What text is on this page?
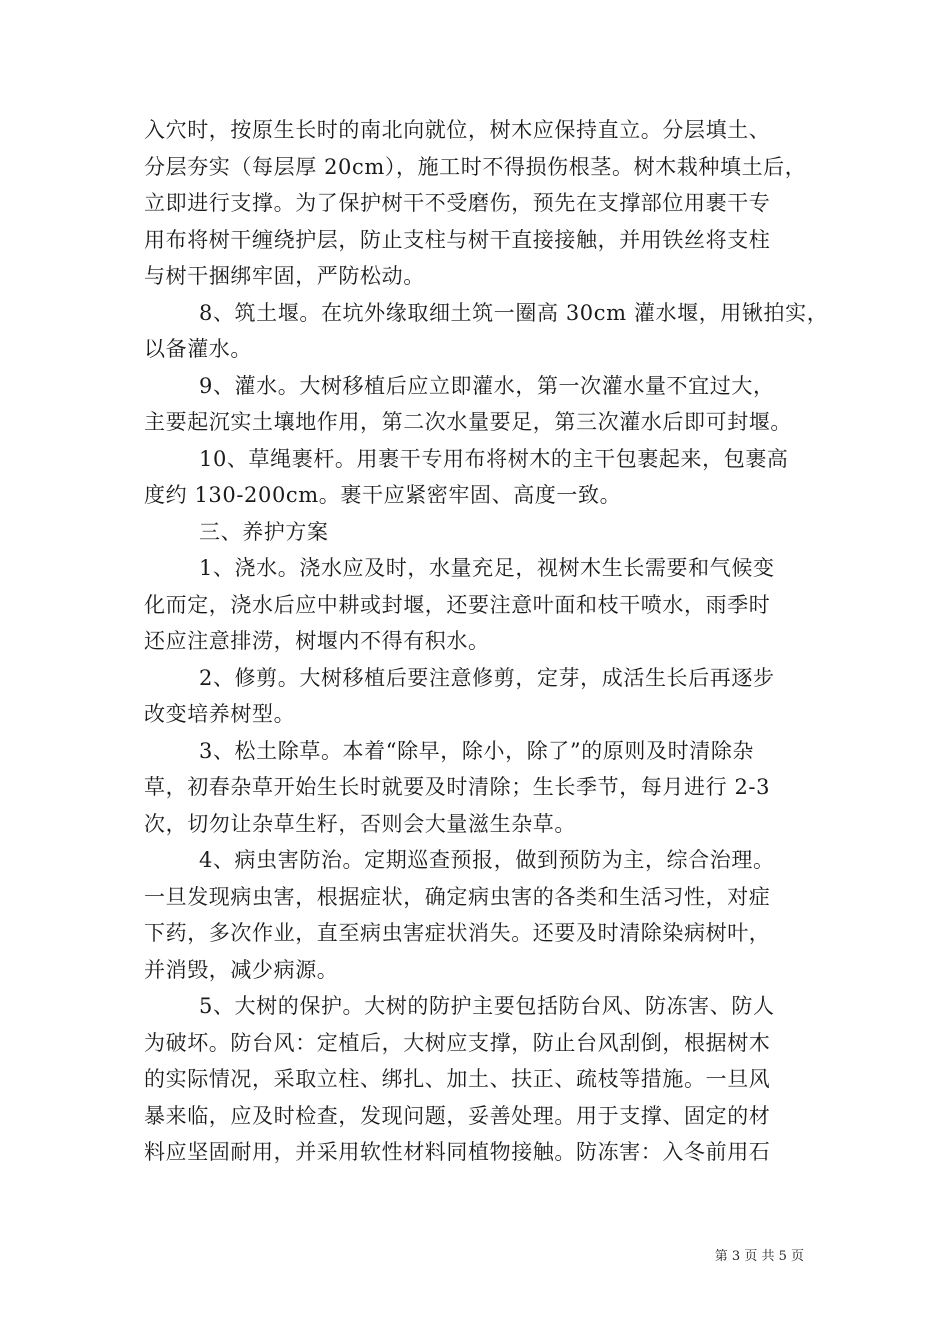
入穴时，按原生长时的南北向就位，树木应保持直立。分层填土、
分层夯实（每层厚 20cm），施工时不得损伤根茎。树木栽种填土后，
立即进行支撑。为了保护树干不受磨伤，预先在支撑部位用裹干专
用布将树干缠绕护层，防止支柱与树干直接接触，并用铁丝将支柱
与树干捆绑牢固，严防松动。
8、筑土堰。在坑外缘取细土筑一圈高 30cm 灌水堰，用锹拍实，
以备灌水。
9、灌水。大树移植后应立即灌水，第一次灌水量不宜过大，
主要起沉实土壤地作用，第二次水量要足，第三次灌水后即可封堰。
10、草绳裹杆。用裹干专用布将树木的主干包裹起来，包裹高
度约 130-200cm。裹干应紧密牢固、高度一致。
三、养护方案
1、浇水。浇水应及时，水量充足，视树木生长需要和气候变
化而定，浇水后应中耕或封堰，还要注意叶面和枝干喷水，雨季时
还应注意排涝，树堰内不得有积水。
2、修剪。大树移植后要注意修剪，定芽，成活生长后再逐步
改变培养树型。
3、松土除草。本着“除早，除小，除了”的原则及时清除杂
草，初春杂草开始生长时就要及时清除；生长季节，每月进行 2-3
次，切勿让杂草生籽，否则会大量滋生杂草。
4、病虫害防治。定期巡查预报，做到预防为主，综合治理。
一旦发现病虫害，根据症状，确定病虫害的各类和生活习性，对症
下药，多次作业，直至病虫害症状消失。还要及时清除染病树叶，
并消毁，减少病源。
5、大树的保护。大树的防护主要包括防台风、防冻害、防人
为破坏。防台风：定植后，大树应支撑，防止台风刮倒，根据树木
的实际情况，采取立柱、绑扎、加土、扶正、疏枝等措施。一旦风
暴来临，应及时检查，发现问题，妥善处理。用于支撑、固定的材
料应坚固耐用，并采用软性材料同植物接触。防冻害：入冬前用石
第 3 页 共 5 页
